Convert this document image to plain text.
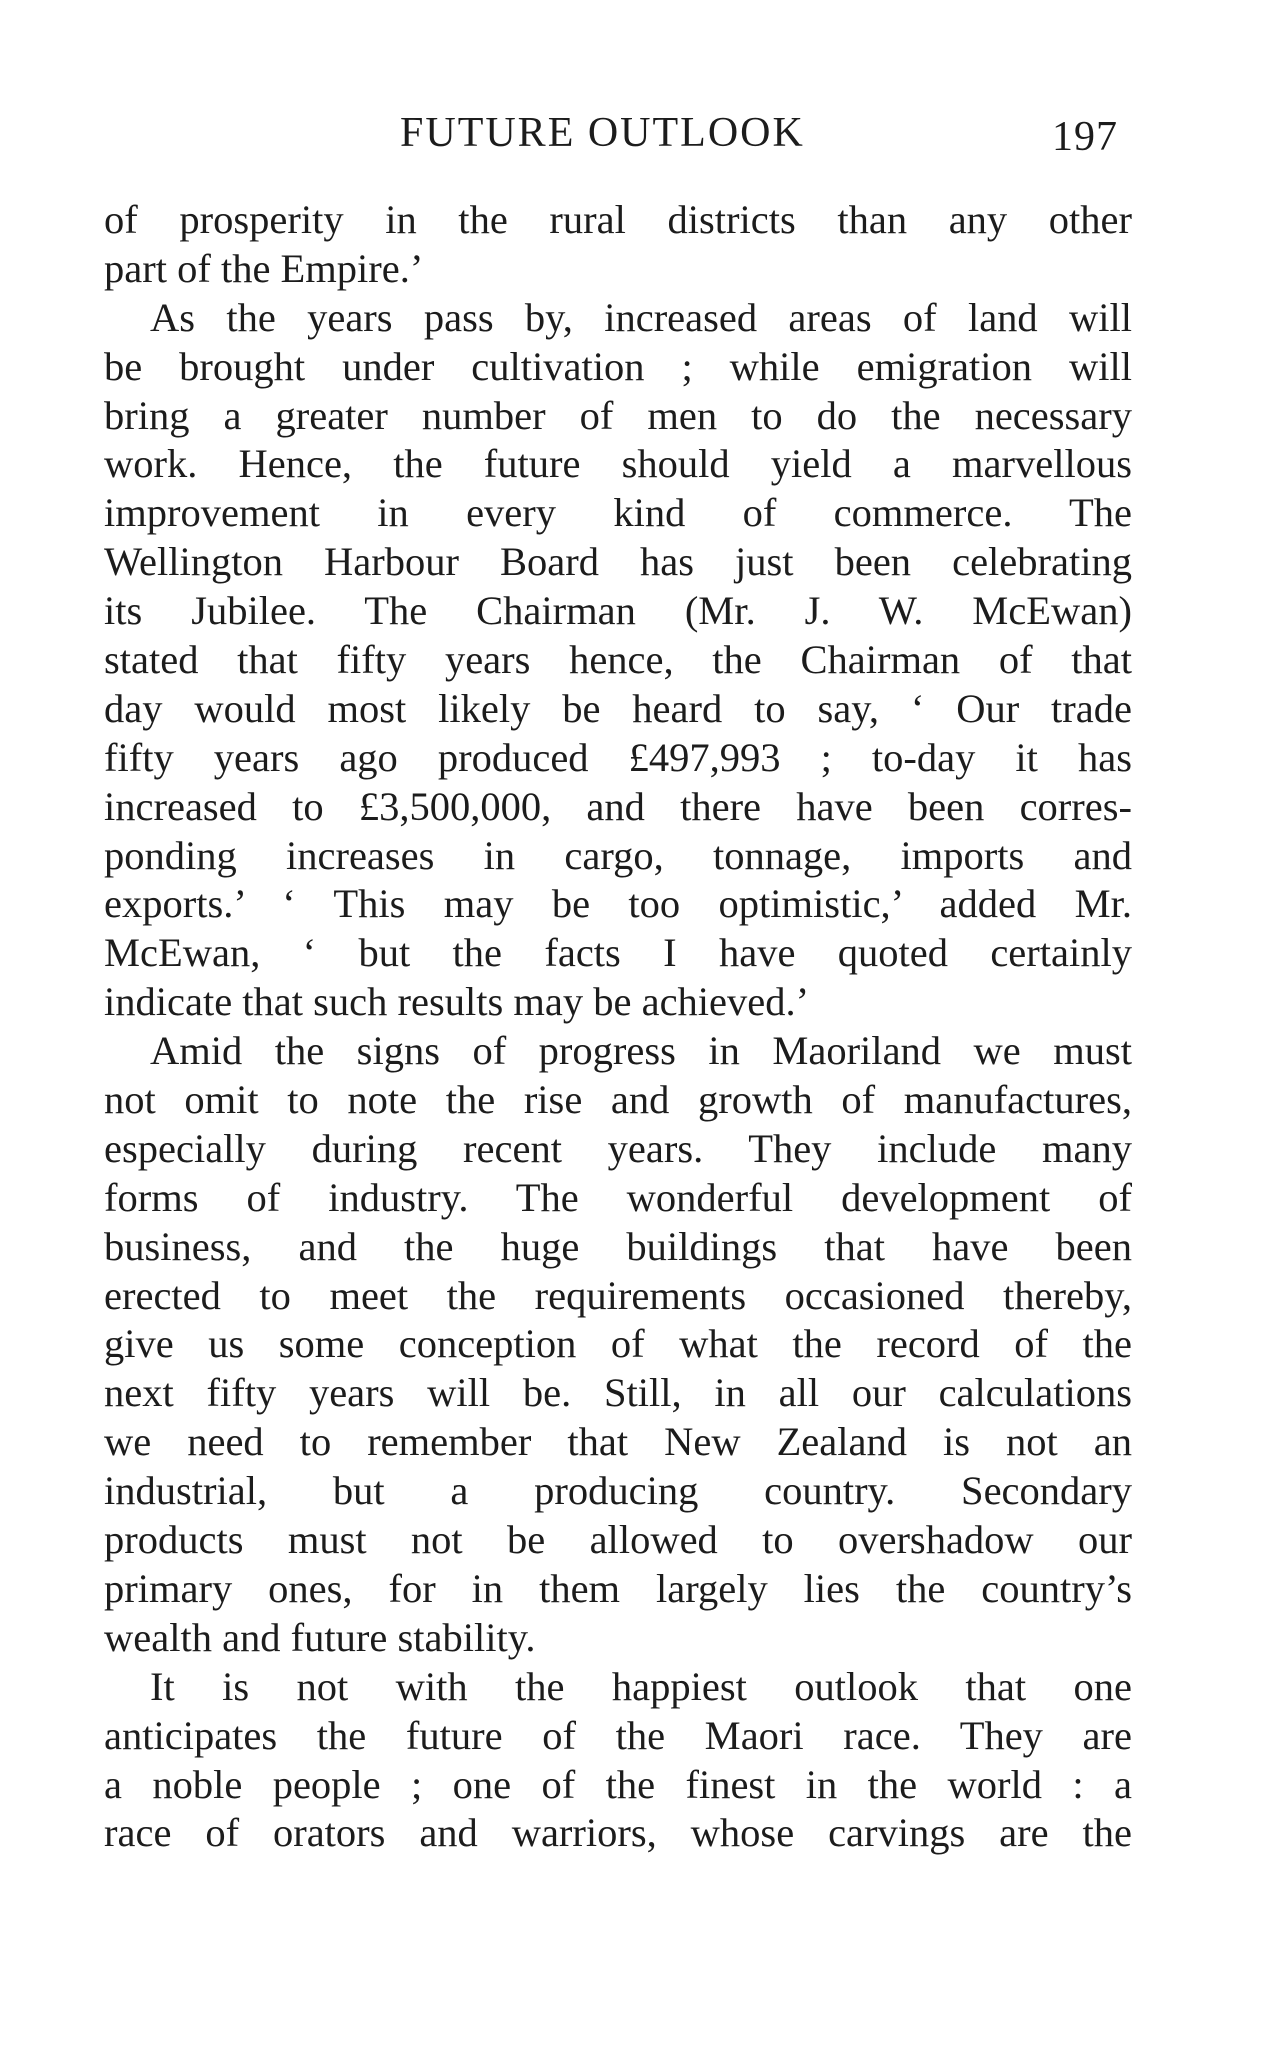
FUTURE OUTLOOK	197
of prosperity in the rural districts than any other
part of the Empire.’
As the years pass by, increased areas of land will
be brought under cultivation ; while emigration will
bring a greater number of men to do the necessary
work. Hence, the future should yield a marvellous
improvement in every kind of commerce. The
Wellington Harbour Board has just been celebrating
its Jubilee. The Chairman (Mr. J. W. McEwan)
stated that fifty years hence, the Chairman of that
day would most likely be heard to say, ‘ Our trade
fifty years ago produced £497,993 ; to-day it has
increased to £3,500,000, and there have been corres-
ponding increases in cargo, tonnage, imports and
exports.’ ‘ This may be too optimistic,’ added Mr.
McEwan, ‘ but the facts I have quoted certainly
indicate that such results may be achieved.’
Amid the signs of progress in Maoriland we must
not omit to note the rise and growth of manufactures,
especially during recent years. They include many
forms of industry. The wonderful development of
business, and the huge buildings that have been
erected to meet the requirements occasioned thereby,
give us some conception of what the record of the
next fifty years will be. Still, in all our calculations
we need to remember that New Zealand is not an
industrial, but a producing country. Secondary
products must not be allowed to overshadow our
primary ones, for in them largely lies the country’s
wealth and future stability.
It is not with the happiest outlook that one
anticipates the future of the Maori race. They are
a noble people ; one of the finest in the world : a
race of orators and warriors, whose carvings are the
